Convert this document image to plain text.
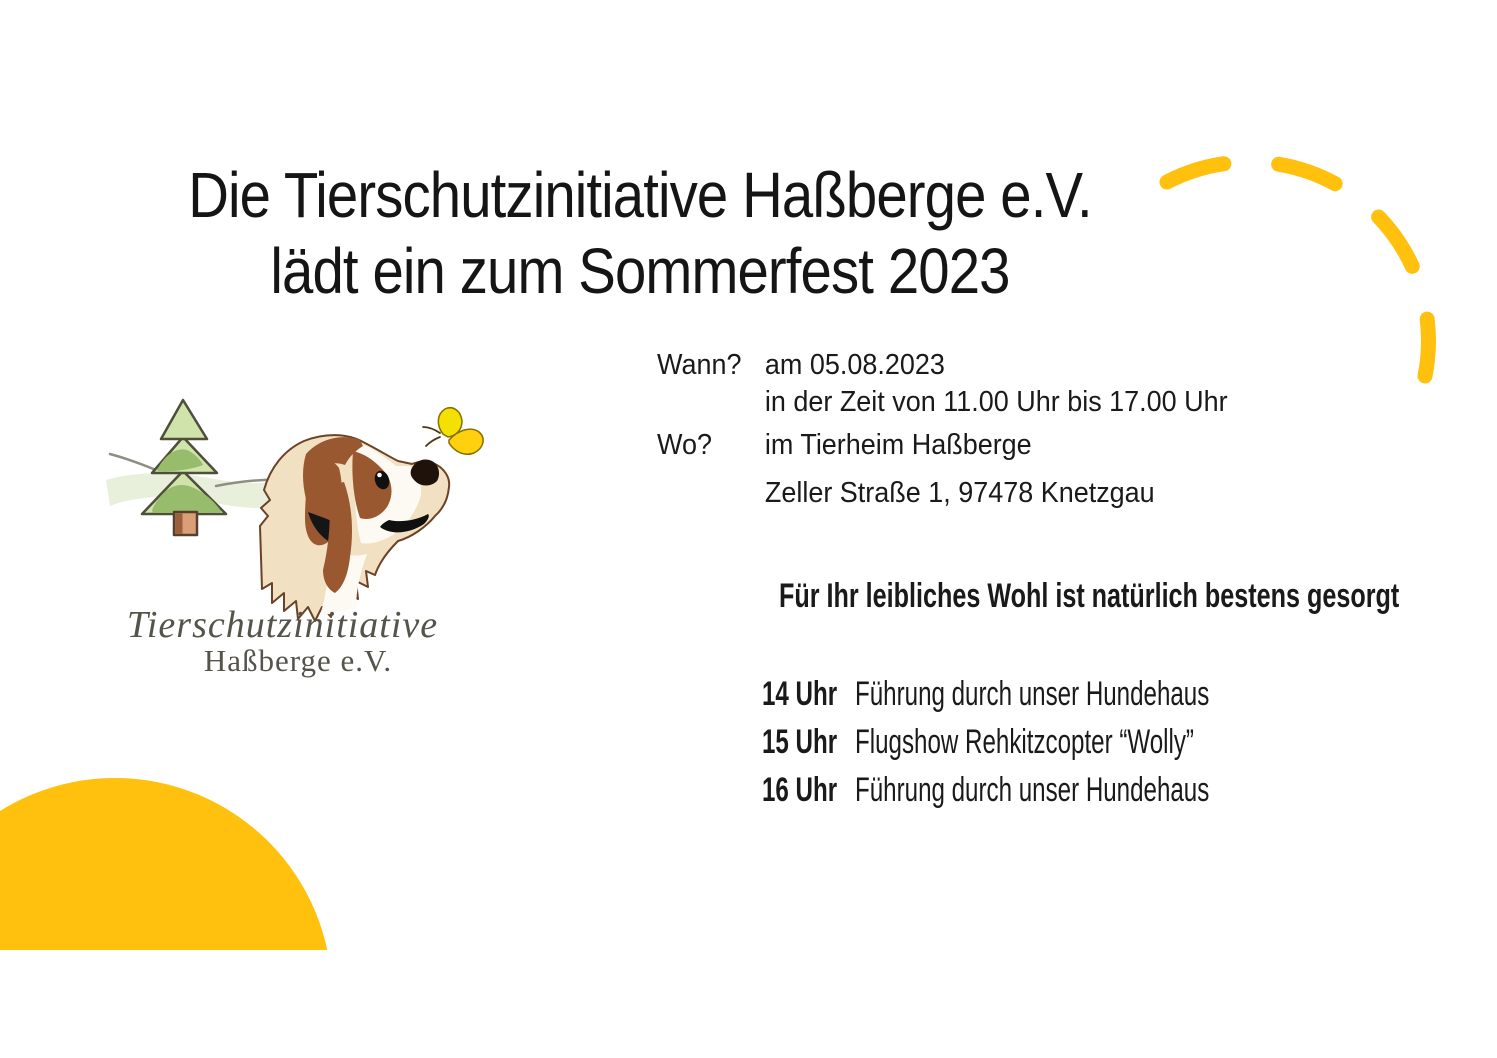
Die Tierschutzinitiative Haßberge e.V.
lädt ein zum Sommerfest 2023
Wann? am 05.08.2023
in der Zeit von 11.00 Uhr bis 17.00 Uhr
Wo? im Tierheim Haßberge
Zeller Straße 1, 97478 Knetzgau
Für Ihr leibliches Wohl ist natürlich bestens gesorgt
14 Uhr Führung durch unser Hundehaus
15 Uhr Flugshow Rehkitzcopter “Wolly”
16 Uhr Führung durch unser Hundehaus
Tierschutzinitiative
Haßberge e.V.
